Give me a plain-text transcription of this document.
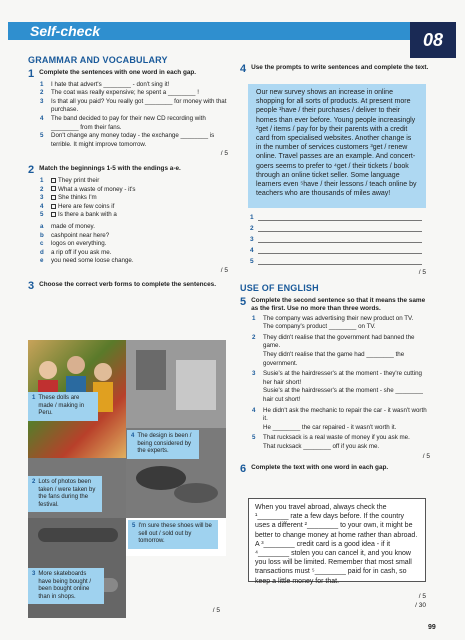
Self-check	08
GRAMMAR AND VOCABULARY
1 Complete the sentences with one word in each gap.
1	I hate that advert's ________ - don't sing it!
2	The coat was really expensive; he spent a ________ !
3	Is that all you paid? You really got ________ for money with that purchase.
4	The band decided to pay for their new CD recording with ________ from their fans.
5	Don't change any money today - the exchange ________ is terrible. It might improve tomorrow.
/ 5
2 Match the beginnings 1-5 with the endings a-e.
1	They print their
2	What a waste of money - it's
3	She thinks I'm
4	Here are few coins if
5	Is there a bank with a
a	made of money.
b	cashpoint near here?
c	logos on everything.
d	a rip off if you ask me.
e	you need some loose change.
/ 5
3 Choose the correct verb forms to complete the sentences.
1 These dolls are made / making in Peru.
4 The design is been / being considered by the experts.
2 Lots of photos been taken / were taken by the fans during the festival.
5 I'm sure these shoes will be sell out / sold out by tomorrow.
3 More skateboards have being bought / been bought online than in shops.
/ 5
4 Use the prompts to write sentences and complete the text.
Our new survey shows an increase in online shopping for all sorts of products. At present more people ¹have / their purchases / deliver to their homes than ever before. Young people increasingly ²get / items / pay for by their parents with a credit card from specialised websites. Another change is in the number of services customers ³get / renew online. Travel passes are an example. And concert-goers seems to prefer to ⁴get / their tickets / book through an online ticket seller. Some language learners even ⁵have / their lessons / teach online by teachers who are thousands of miles away!
1
2
3
4
5
/ 5
USE OF ENGLISH
5 Complete the second sentence so that it means the same as the first. Use no more than three words.
1	The company was advertising their new product on TV.
The company's product ________ on TV.
2	They didn't realise that the government had banned the game.
They didn't realise that the game had ________ the government.
3	Susie's at the hairdresser's at the moment - they're cutting her hair short!
Susie's at the hairdresser's at the moment - she ________ hair cut short!
4	He didn't ask the mechanic to repair the car - it wasn't worth it.
He ________ the car repaired - it wasn't worth it.
5	That rucksack is a real waste of money if you ask me.
That rucksack ________ off if you ask me.
/ 5
6 Complete the text with one word in each gap.
When you travel abroad, always check the ¹________ rate a few days before. If the country uses a different ²________ to your own, it might be better to change money at home rather than abroad. A ³________ credit card is a good idea - if it ⁴________ stolen you can cancel it, and you know you loss will be limited. Remember that most small transactions must ⁵________ paid for in cash, so keep a little money for that.
/ 5
/ 30
99
